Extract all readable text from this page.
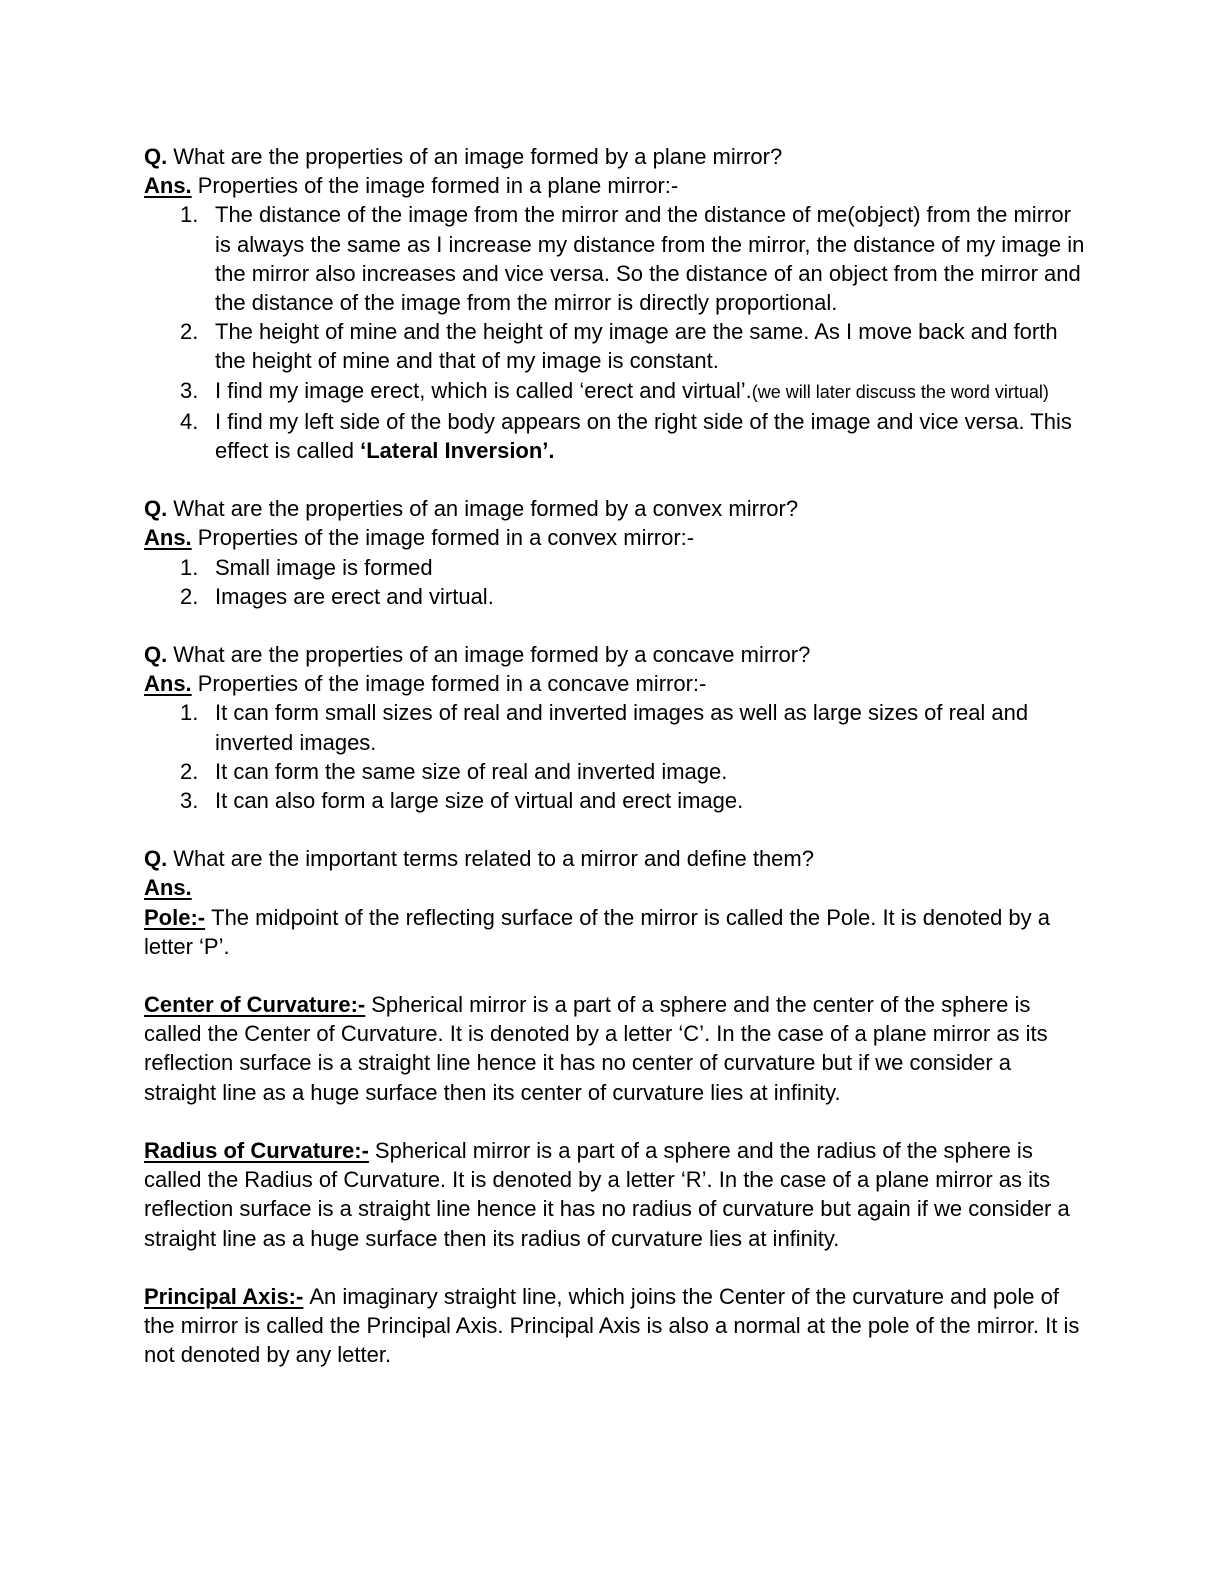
Q. What are the properties of an image formed by a plane mirror?

Ans. Properties of the image formed in a plane mirror:-

1. The distance of the image from the mirror and the distance of me(object) from the mirror is always the same as I increase my distance from the mirror, the distance of my image in the mirror also increases and vice versa. So the distance of an object from the mirror and the distance of the image from the mirror is directly proportional.
2. The height of mine and the height of my image are the same. As I move back and forth the height of mine and that of my image is constant.
3. I find my image erect, which is called ‘erect and virtual’.(we will later discuss the word virtual)
4. I find my left side of the body appears on the right side of the image and vice versa. This effect is called ‘Lateral Inversion’.

Q. What are the properties of an image formed by a convex mirror?

Ans. Properties of the image formed in a convex mirror:-

1. Small image is formed
2. Images are erect and virtual.

Q. What are the properties of an image formed by a concave mirror?

Ans. Properties of the image formed in a concave mirror:-

1. It can form small sizes of real and inverted images as well as large sizes of real and inverted images.
2. It can form the same size of real and inverted image.
3. It can also form a large size of virtual and erect image.

Q. What are the important terms related to a mirror and define them?

Ans.

Pole:- The midpoint of the reflecting surface of the mirror is called the Pole. It is denoted by a letter ‘P’.

Center of Curvature:- Spherical mirror is a part of a sphere and the center of the sphere is called the Center of Curvature. It is denoted by a letter ‘C’. In the case of a plane mirror as its reflection surface is a straight line hence it has no center of curvature but if we consider a straight line as a huge surface then its center of curvature lies at infinity.

Radius of Curvature:- Spherical mirror is a part of a sphere and the radius of the sphere is called the Radius of Curvature. It is denoted by a letter ‘R’. In the case of a plane mirror as its reflection surface is a straight line hence it has no radius of curvature but again if we consider a straight line as a huge surface then its radius of curvature lies at infinity.

Principal Axis:- An imaginary straight line, which joins the Center of the curvature and pole of the mirror is called the Principal Axis. Principal Axis is also a normal at the pole of the mirror. It is not denoted by any letter.
